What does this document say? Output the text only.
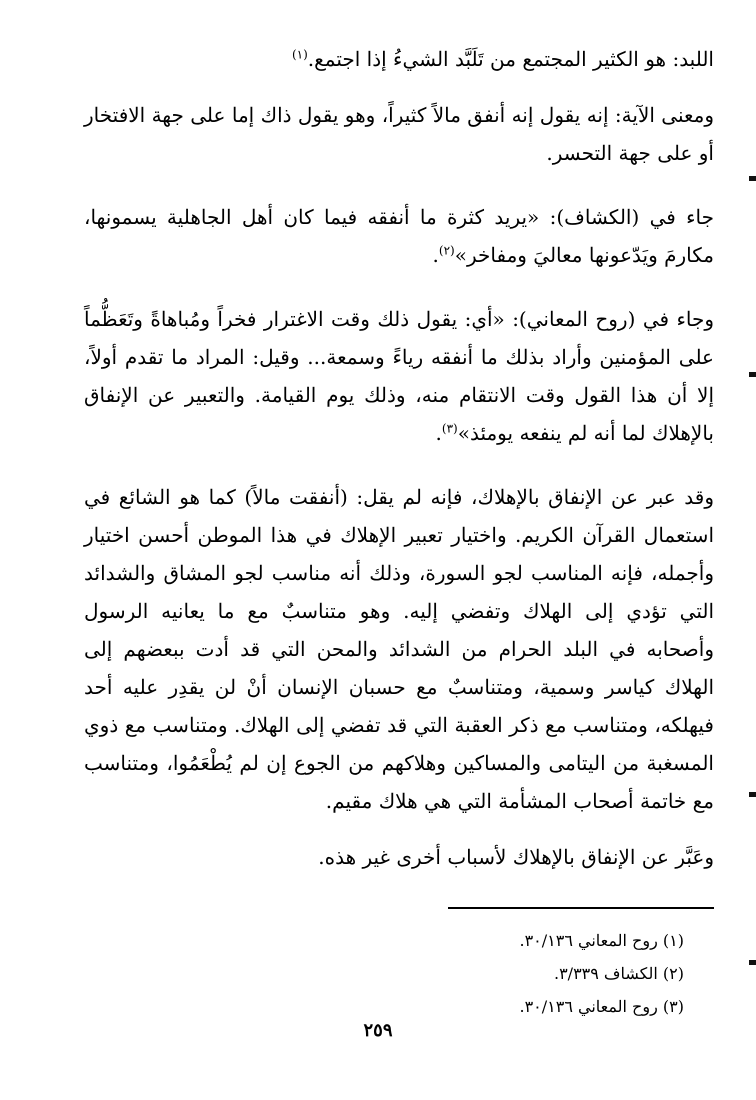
اللبد: هو الكثير المجتمع من تَلَبَّد الشيءُ إذا اجتمع.$^{(١)}$

ومعنى الآية: إنه يقول إنه أنفق مالاً كثيراً، وهو يقول ذاك إما على جهة الافتخار أو على جهة التحسر.

جاء في (الكشاف): «يريد كثرة ما أنفقه فيما كان أهل الجاهلية يسمونها، مكارمَ ويَدّعونها معاليَ ومفاخر»$^{(٢)}$.

وجاء في (روح المعاني): «أي: يقول ذلك وقت الاغترار فخراً ومُباهاةً وتَعَظُّماً على المؤمنين وأراد بذلك ما أنفقه رياءً وسمعة... وقيل: المراد ما تقدم أولاً، إلا أن هذا القول وقت الانتقام منه، وذلك يوم القيامة. والتعبير عن الإنفاق بالإهلاك لما أنه لم ينفعه يومئذ»$^{(٣)}$.

وقد عبر عن الإنفاق بالإهلاك، فإنه لم يقل: (أنفقت مالاً) كما هو الشائع في استعمال القرآن الكريم. واختيار تعبير الإهلاك في هذا الموطن أحسن اختيار وأجمله، فإنه المناسب لجو السورة، وذلك أنه مناسب لجو المشاق والشدائد التي تؤدي إلى الهلاك وتفضي إليه. وهو متناسبٌ مع ما يعانيه الرسول وأصحابه في البلد الحرام من الشدائد والمحن التي قد أدت ببعضهم إلى الهلاك كياسر وسمية، ومتناسبٌ مع حسبان الإنسان أنْ لن يقدِر عليه أحد فيهلكه، ومتناسب مع ذكر العقبة التي قد تفضي إلى الهلاك. ومتناسب مع ذوي المسغبة من اليتامى والمساكين وهلاكهم من الجوع إن لم يُطْعَمُوا، ومتناسب مع خاتمة أصحاب المشأمة التي هي هلاك مقيم.

وعَبَّر عن الإنفاق بالإهلاك لأسباب أخرى غير هذه.

(١) روح المعاني ٣٠/١٣٦.

(٢) الكشاف ٣/٣٣٩.

(٣) روح المعاني ٣٠/١٣٦.

٢٥٩
